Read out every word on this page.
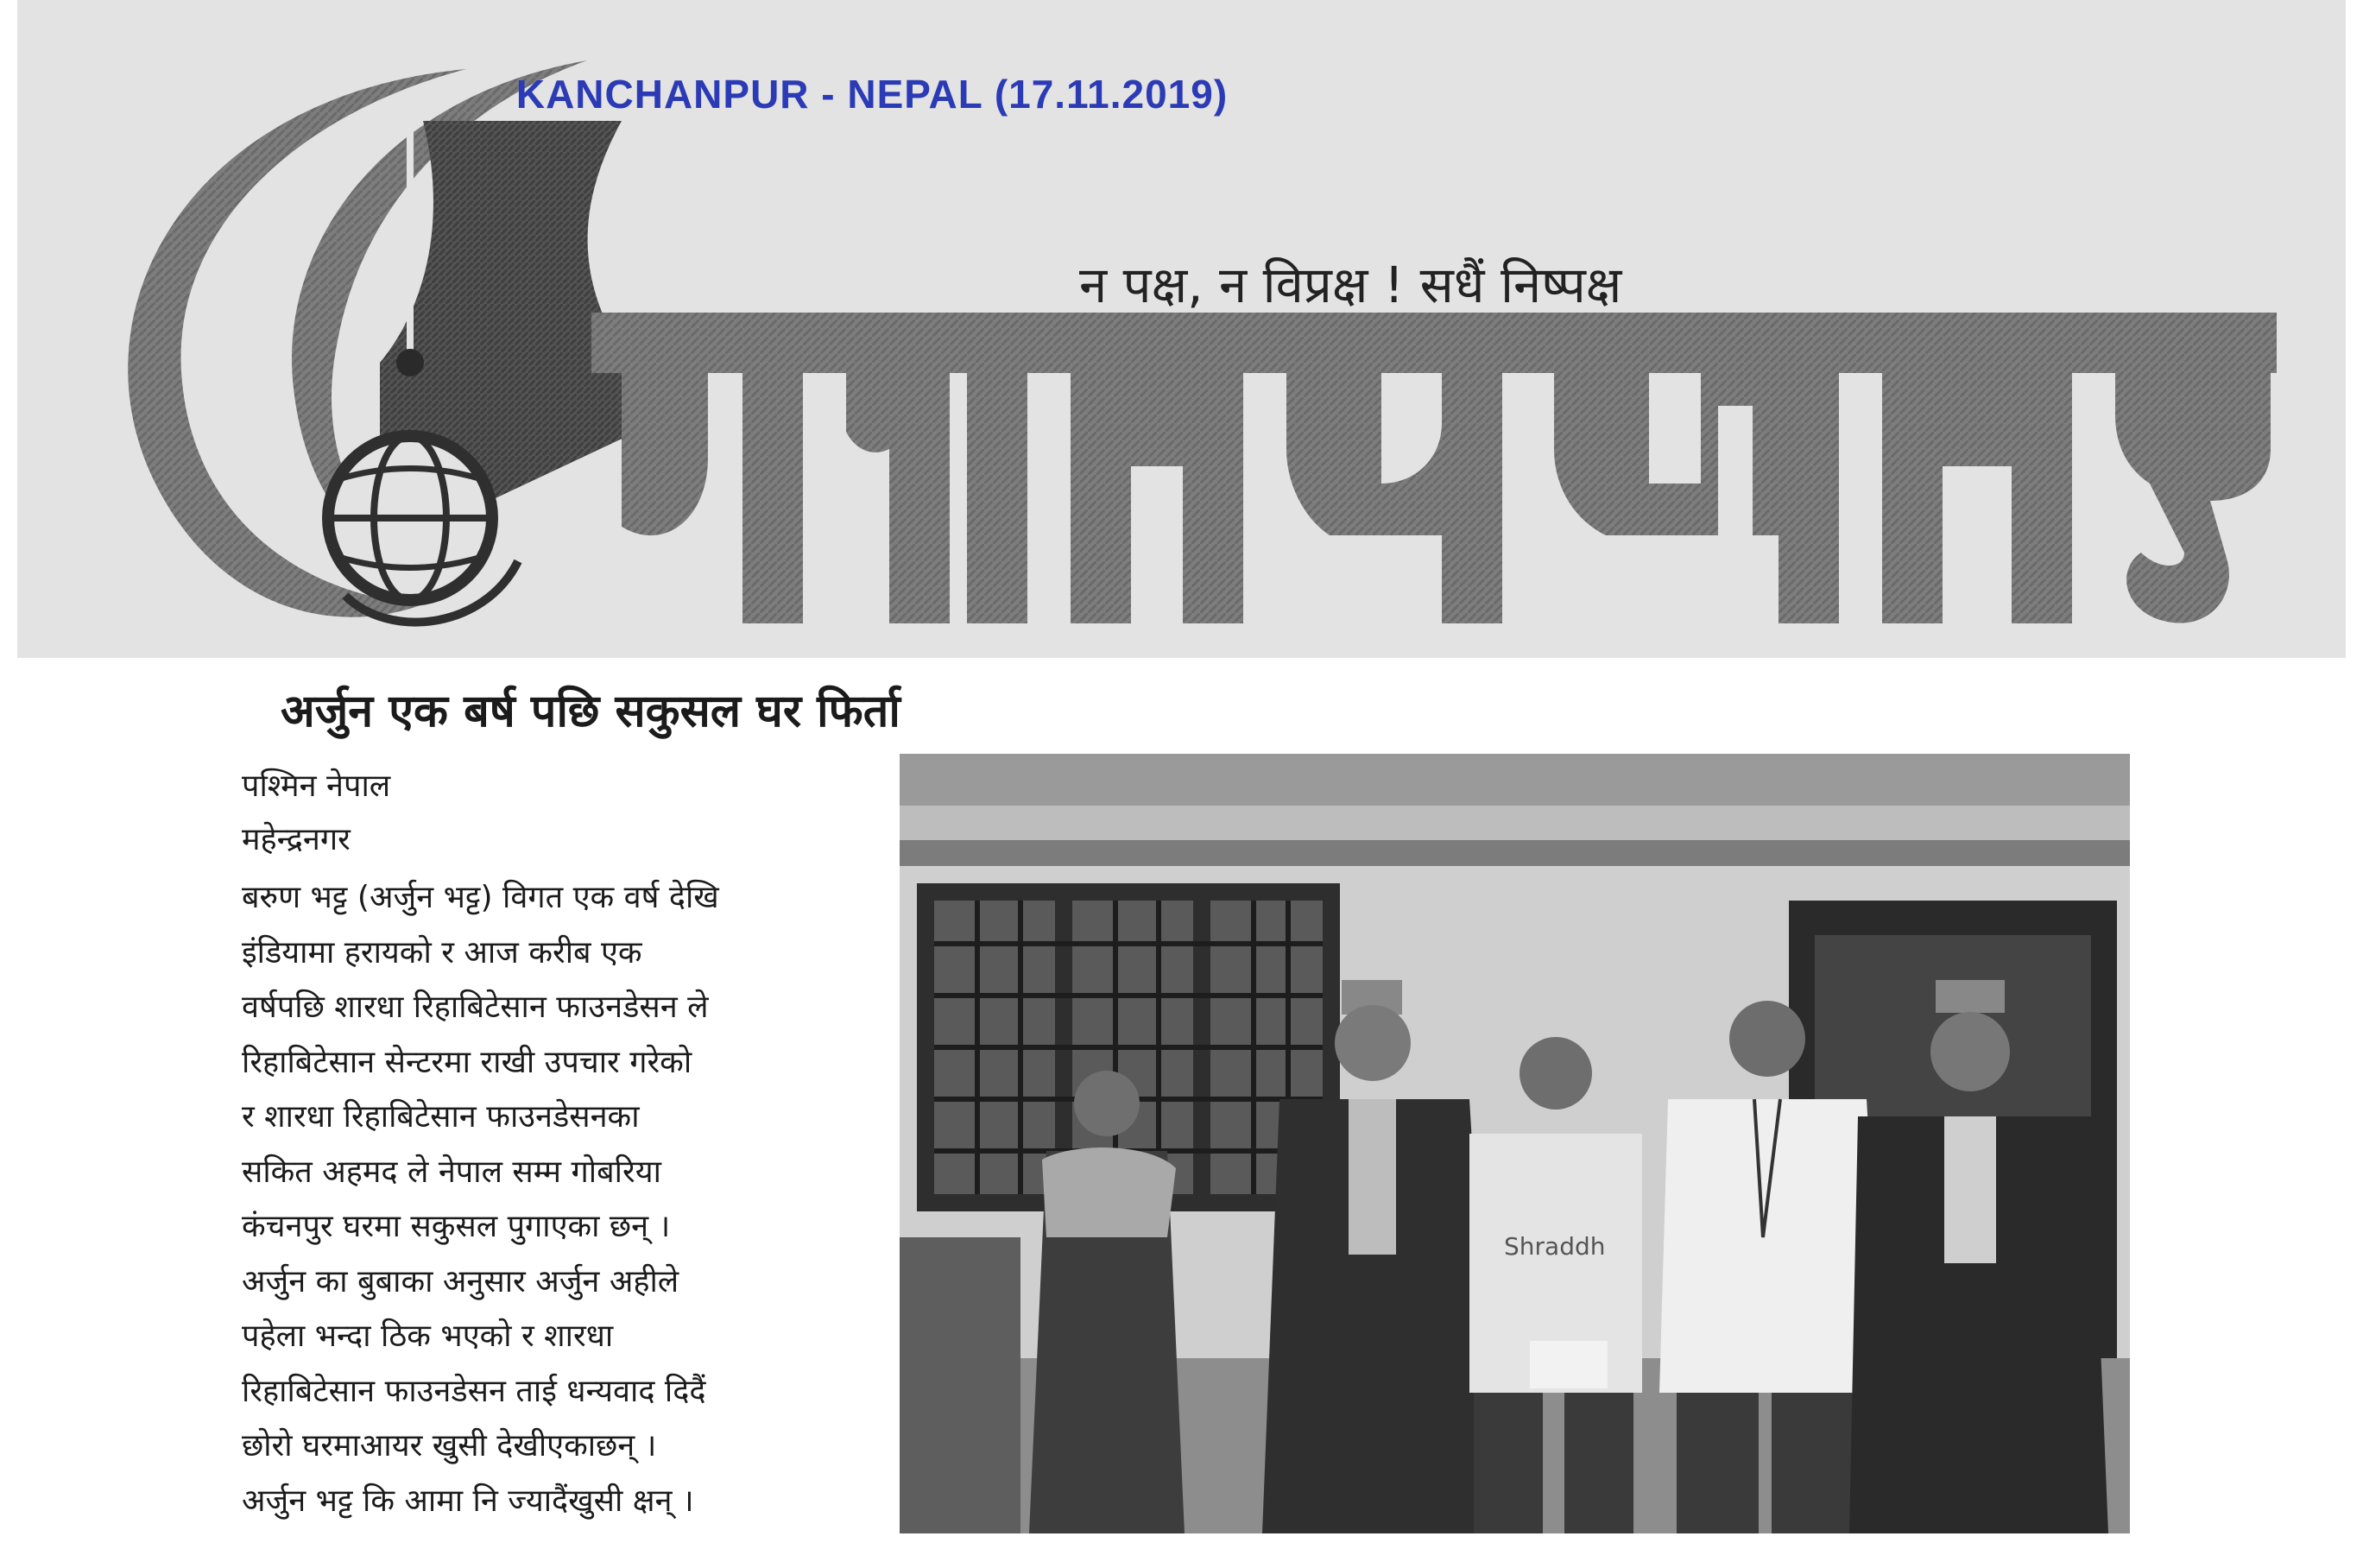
KANCHANPUR - NEPAL (17.11.2019)
न पक्ष, न विप्रक्ष ! सधैं निष्पक्ष
अर्जुन एक बर्ष पछि सकुसल घर फिर्ता
पश्मिन नेपाल
महेन्द्रनगर
बरुण भट्ट (अर्जुन भट्ट) विगत एक वर्ष देखि
इंडियामा हरायको र आज करीब एक
वर्षपछि शारधा रिहाबिटेसान फाउनडेसन ले
रिहाबिटेसान सेन्टरमा राखी उपचार गरेको
र शारधा रिहाबिटेसान फाउनडेसनका
सकित अहमद ले नेपाल सम्म गोबरिया
कंचनपुर घरमा सकुसल पुगाएका छन् ।
अर्जुन का बुबाका अनुसार अर्जुन अहीले
पहेला भन्दा ठिक भएको र शारधा
रिहाबिटेसान फाउनडेसन ताई धन्यवाद दिदैं
छोरो घरमाआयर खुसी देखीएकाछन् ।
अर्जुन भट्ट कि आमा नि ज्यादैंखुसी क्षन् ।
Shraddh
